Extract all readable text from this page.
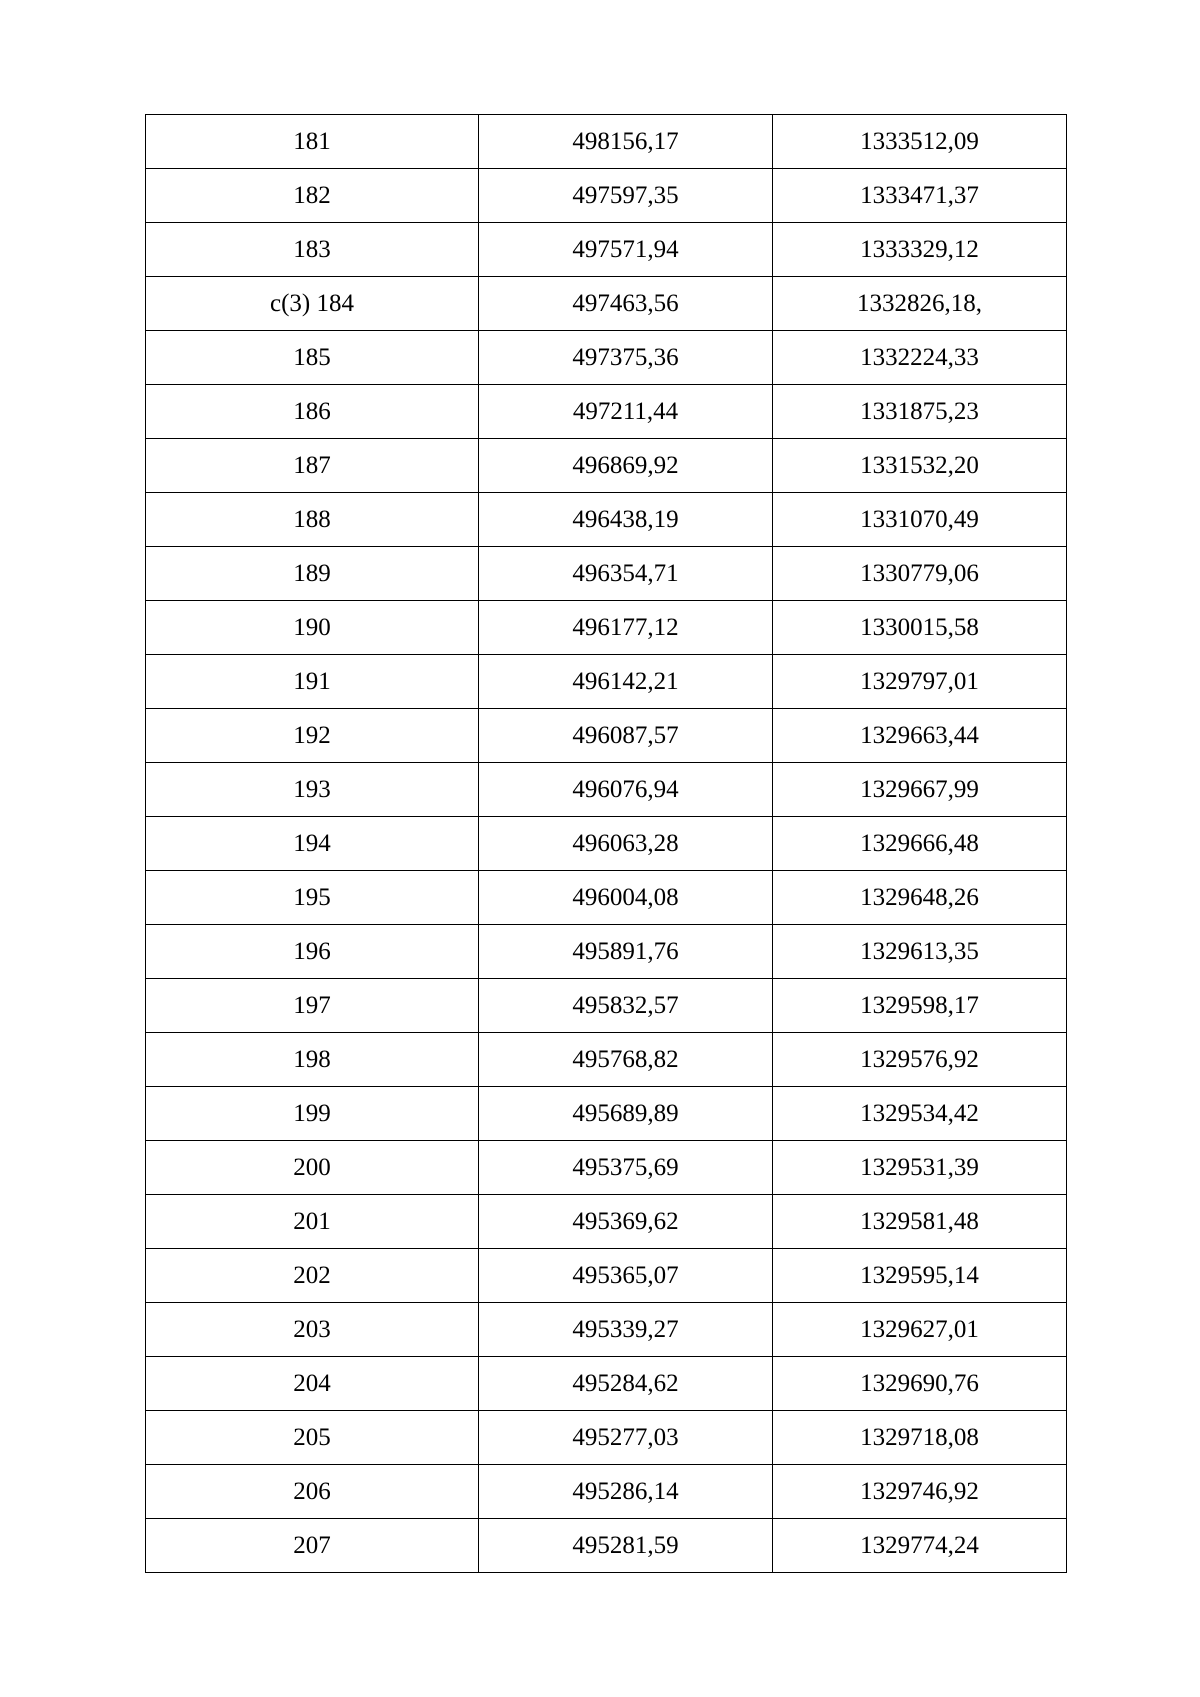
181	498156,17	1333512,09
182	497597,35	1333471,37
183	497571,94	1333329,12
c(3) 184	497463,56	1332826,18,
185	497375,36	1332224,33
186	497211,44	1331875,23
187	496869,92	1331532,20
188	496438,19	1331070,49
189	496354,71	1330779,06
190	496177,12	1330015,58
191	496142,21	1329797,01
192	496087,57	1329663,44
193	496076,94	1329667,99
194	496063,28	1329666,48
195	496004,08	1329648,26
196	495891,76	1329613,35
197	495832,57	1329598,17
198	495768,82	1329576,92
199	495689,89	1329534,42
200	495375,69	1329531,39
201	495369,62	1329581,48
202	495365,07	1329595,14
203	495339,27	1329627,01
204	495284,62	1329690,76
205	495277,03	1329718,08
206	495286,14	1329746,92
207	495281,59	1329774,24
